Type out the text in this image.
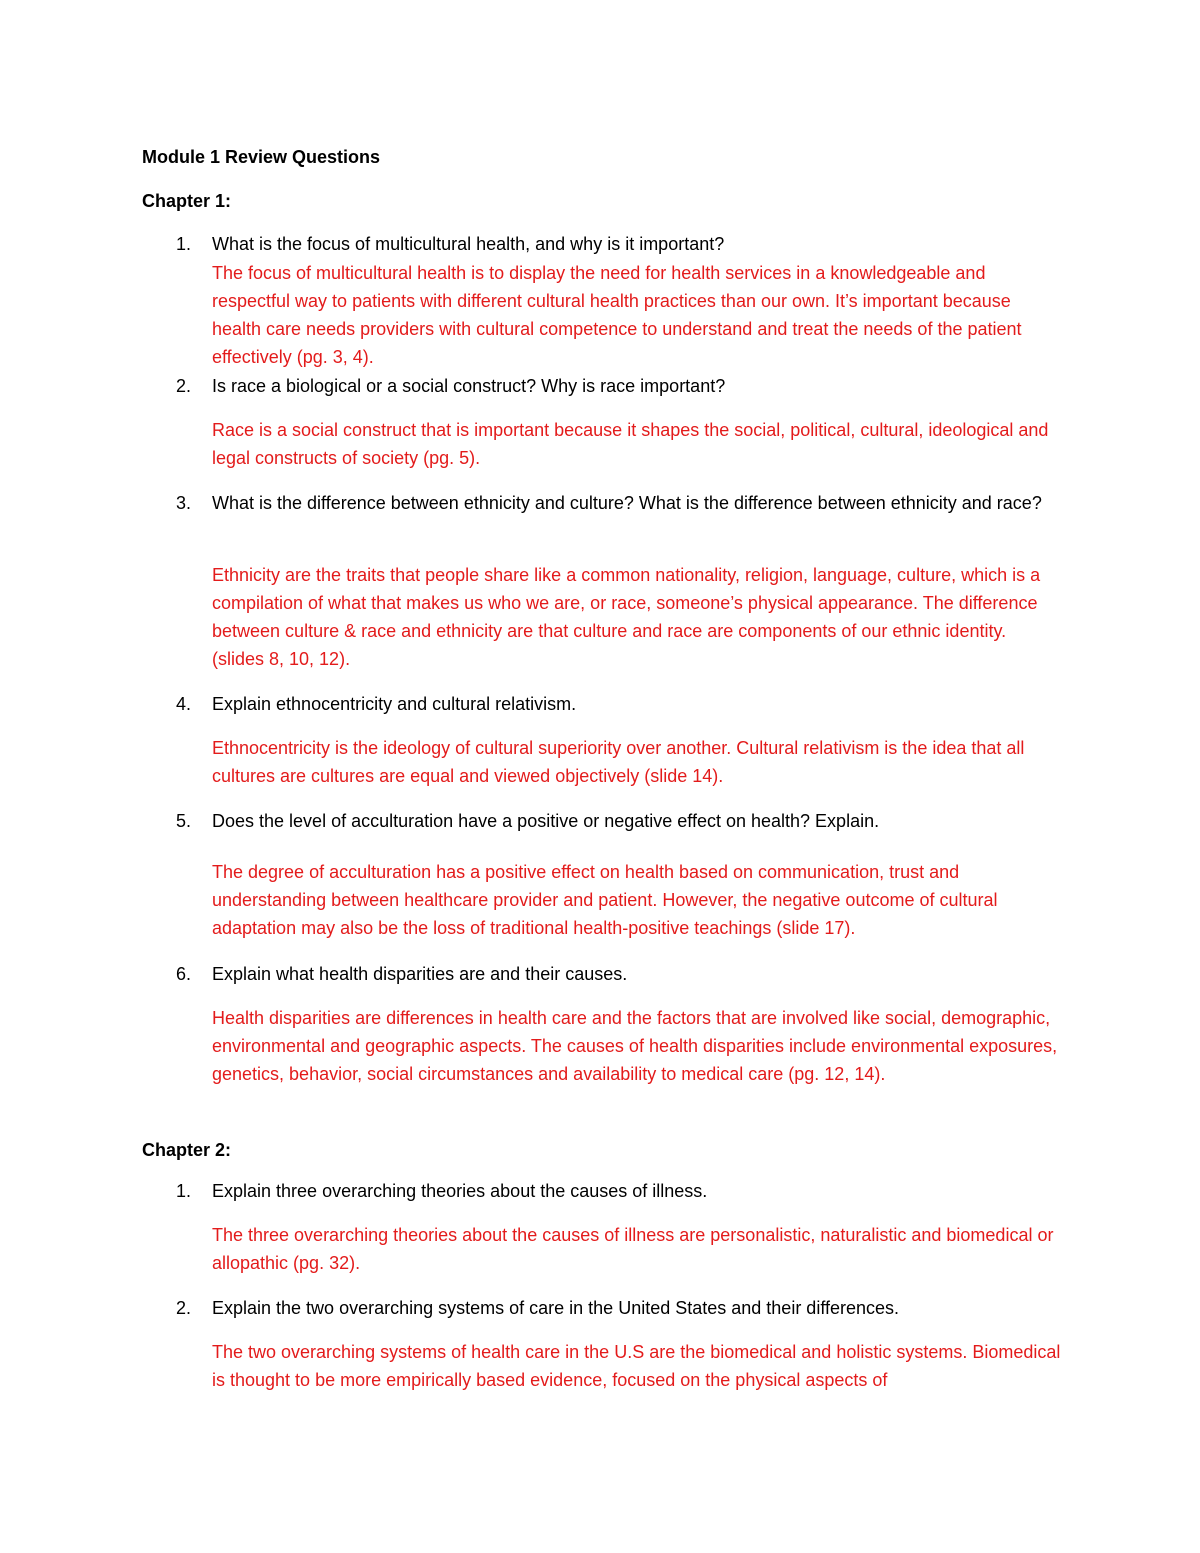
Module 1 Review Questions
Chapter 1:
1. What is the focus of multicultural health, and why is it important?
The focus of multicultural health is to display the need for health services in a knowledgeable and respectful way to patients with different cultural health practices than our own. It’s important because health care needs providers with cultural competence to understand and treat the needs of the patient effectively (pg. 3, 4).
2. Is race a biological or a social construct? Why is race important?
Race is a social construct that is important because it shapes the social, political, cultural, ideological and legal constructs of society (pg. 5).
3. What is the difference between ethnicity and culture? What is the difference between ethnicity and race?
Ethnicity are the traits that people share like a common nationality, religion, language, culture, which is a compilation of what that makes us who we are, or race, someone’s physical appearance. The difference between culture & race and ethnicity are that culture and race are components of our ethnic identity. (slides 8, 10, 12).
4. Explain ethnocentricity and cultural relativism.
Ethnocentricity is the ideology of cultural superiority over another. Cultural relativism is the idea that all cultures are cultures are equal and viewed objectively (slide 14).
5. Does the level of acculturation have a positive or negative effect on health? Explain.
The degree of acculturation has a positive effect on health based on communication, trust and understanding between healthcare provider and patient. However, the negative outcome of cultural adaptation may also be the loss of traditional health-positive teachings (slide 17).
6. Explain what health disparities are and their causes.
Health disparities are differences in health care and the factors that are involved like social, demographic, environmental and geographic aspects. The causes of health disparities include environmental exposures, genetics, behavior, social circumstances and availability to medical care (pg. 12, 14).
Chapter 2:
1. Explain three overarching theories about the causes of illness.
The three overarching theories about the causes of illness are personalistic, naturalistic and biomedical or allopathic (pg. 32).
2. Explain the two overarching systems of care in the United States and their differences.
The two overarching systems of health care in the U.S are the biomedical and holistic systems. Biomedical is thought to be more empirically based evidence, focused on the physical aspects of
